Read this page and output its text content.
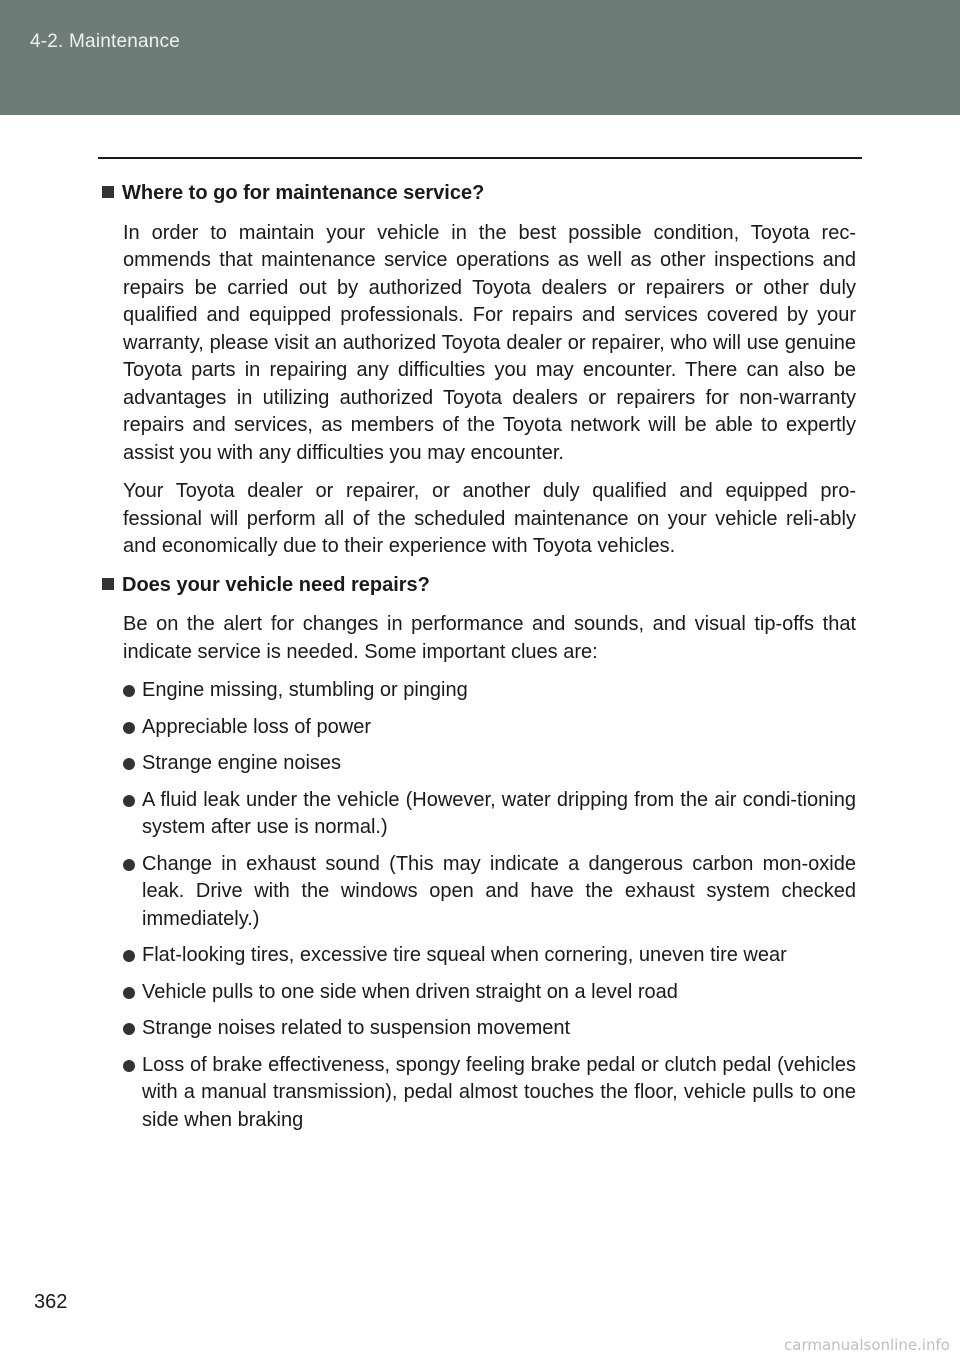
4-2. Maintenance
Where to go for maintenance service?

In order to maintain your vehicle in the best possible condition, Toyota rec-ommends that maintenance service operations as well as other inspections and repairs be carried out by authorized Toyota dealers or repairers or other duly qualified and equipped professionals. For repairs and services covered by your warranty, please visit an authorized Toyota dealer or repairer, who will use genuine Toyota parts in repairing any difficulties you may encounter. There can also be advantages in utilizing authorized Toyota dealers or repairers for non-warranty repairs and services, as members of the Toyota network will be able to expertly assist you with any difficulties you may encounter.

Your Toyota dealer or repairer, or another duly qualified and equipped pro-fessional will perform all of the scheduled maintenance on your vehicle reli-ably and economically due to their experience with Toyota vehicles.

Does your vehicle need repairs?

Be on the alert for changes in performance and sounds, and visual tip-offs that indicate service is needed. Some important clues are:

Engine missing, stumbling or pinging
Appreciable loss of power
Strange engine noises
A fluid leak under the vehicle (However, water dripping from the air condi-tioning system after use is normal.)
Change in exhaust sound (This may indicate a dangerous carbon mon-oxide leak. Drive with the windows open and have the exhaust system checked immediately.)
Flat-looking tires, excessive tire squeal when cornering, uneven tire wear
Vehicle pulls to one side when driven straight on a level road
Strange noises related to suspension movement
Loss of brake effectiveness, spongy feeling brake pedal or clutch pedal (vehicles with a manual transmission), pedal almost touches the floor, vehicle pulls to one side when braking
362
carmanualsonline.info
